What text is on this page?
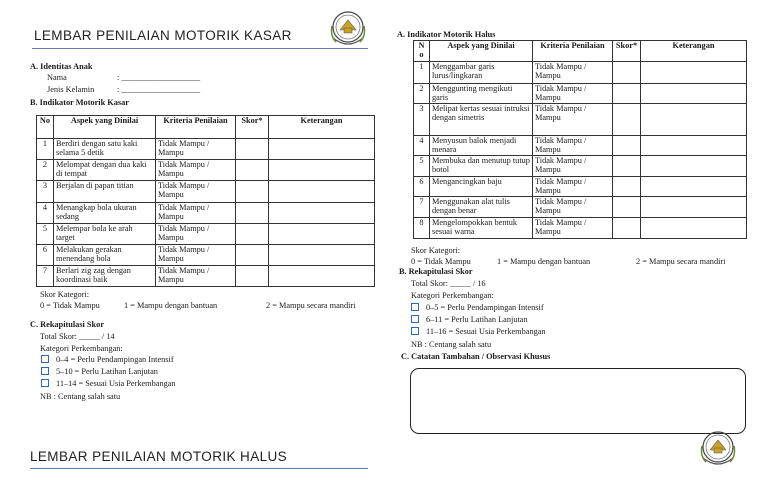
LEMBAR PENILAIAN MOTORIK KASAR
A. Identitas Anak
Nama	: ___________________
Jenis Kelamin	: ___________________
B. Indikator Motorik Kasar
No	Aspek yang Dinilai	Kriteria Penilaian	Skor*	Keterangan
1	Berdiri dengan satu kaki selama 5 detik	Tidak Mampu / Mampu		
2	Melompat dengan dua kaki di tempat	Tidak Mampu / Mampu		
3	Berjalan di papan titian	Tidak Mampu / Mampu		
4	Menangkap bola ukuran sedang	Tidak Mampu / Mampu		
5	Melempar bola ke arah target	Tidak Mampu / Mampu		
6	Melakukan gerakan menendang bola	Tidak Mampu / Mampu		
7	Berlari zig zag dengan koordinasi baik	Tidak Mampu / Mampu		
Skor Kategori:
0 = Tidak Mampu	1 = Mampu dengan bantuan	2 = Mampu secara mandiri
C. Rekapitulasi Skor
Total Skor: _____ / 14
Kategori Perkembangan:
0–4 = Perlu Pendampingan Intensif
5–10 = Perlu Latihan Lanjutan
11–14 = Sesuai Usia Perkembangan
NB : Centang salah satu
LEMBAR PENILAIAN MOTORIK HALUS
A. Indikator Motorik Halus
N o	Aspek yang Dinilai	Kriteria Penilaian	Skor*	Keterangan
1	Menggambar garis lurus/lingkaran	Tidak Mampu / Mampu		
2	Menggunting mengikuti garis	Tidak Mampu / Mampu		
3	Melipat kertas sesuai intruksi dengan simetris	Tidak Mampu / Mampu		
4	Menyusun balok menjadi menara	Tidak Mampu / Mampu		
5	Membuka dan menutup tutup botol	Tidak Mampu / Mampu		
6	Mengancingkan baju	Tidak Mampu / Mampu		
7	Menggunakan alat tulis dengan benar	Tidak Mampu / Mampu		
8	Mengelompokkan bentuk sesuai warna	Tidak Mampu / Mampu		
Skor Kategori:
0 = Tidak Mampu	1 = Mampu dengan bantuan	2 = Mampu secara mandiri
B. Rekapitulasi Skor
Total Skor: _____ / 16
Kategori Perkembangan:
0–5 = Perlu Pendampingan Intensif
6–11 = Perlu Latihan Lanjutan
11–16 = Sesuai Usia Perkembangan
NB : Centang salah satu
C. Catatan Tambahan / Observasi Khusus
